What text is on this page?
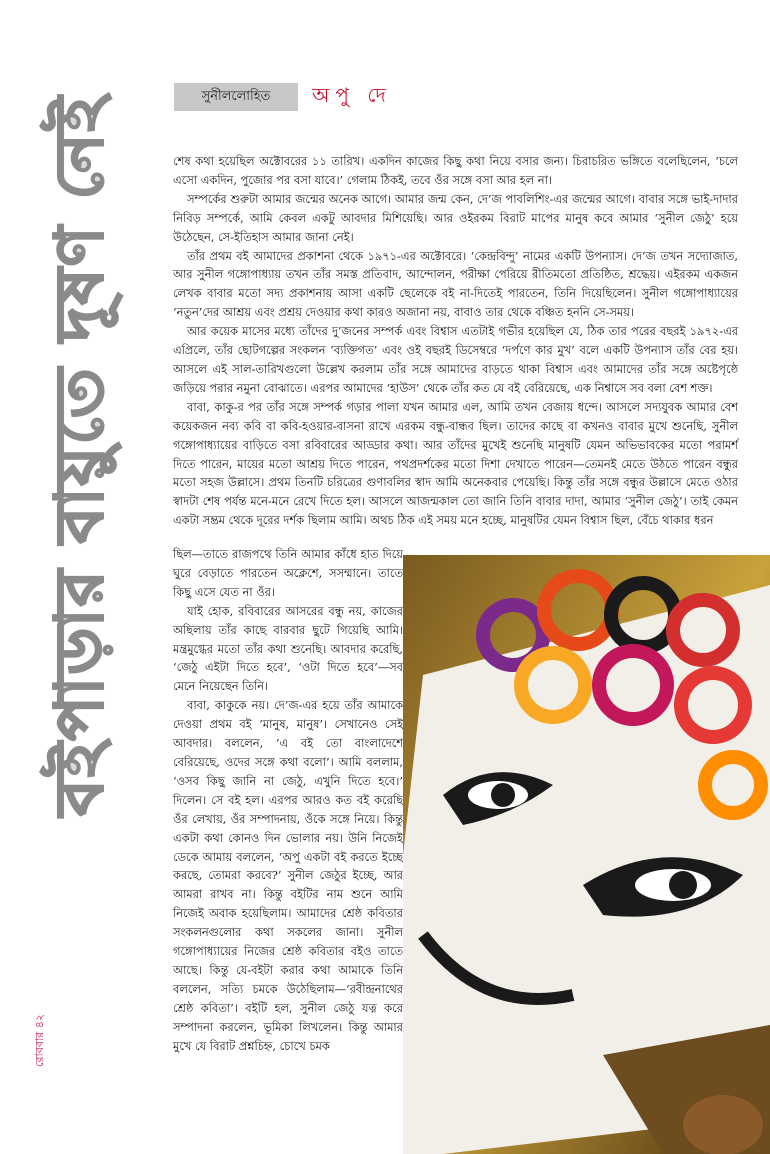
বইপাড়ার বায়ুতে দূষণ নেই	সুনীললোহিত	অপু দে

শেষ কথা হয়েছিল অক্টোবরের ১১ তারিখ। একদিন কাজের কিছু কথা নিয়ে বসার জন্য। চিরাচরিত ভঙ্গিতে বলেছিলেন, ‘চলে এসো একদিন, পুজোর পর বসা যাবে।’ গেলাম ঠিকই, তবে ওঁর সঙ্গে বসা আর হল না।

সম্পর্কের শুরুটা আমার জন্মের অনেক আগে। আমার জন্ম কেন, দে’জ পাবলিশিং-এর জন্মের আগে। বাবার সঙ্গে ভাই-দাদার নিবিড় সম্পর্কে, আমি কেবল একটু আবদার মিশিয়েছি। আর ওইরকম বিরাট মাপের মানুষ কবে আমার ‘সুনীল জেঠু’ হয়ে উঠেছেন, সে-ইতিহাস আমার জানা নেই।

তাঁর প্রথম বই আমাদের প্রকাশনা থেকে ১৯৭১-এর অক্টোবরে। ‘কেন্দ্রবিন্দু’ নামের একটি উপন্যাস। দে’জ তখন সদ্যোজাত, আর সুনীল গঙ্গোপাধ্যায় তখন তাঁর সমস্ত প্রতিবাদ, আন্দোলন, পরীক্ষা পেরিয়ে রীতিমতো প্রতিষ্ঠিত, শ্রদ্ধেয়। এইরকম একজন লেখক বাবার মতো সদ্য প্রকাশনায় আসা একটি ছেলেকে বই না-দিতেই পারতেন, তিনি দিয়েছিলেন। সুনীল গঙ্গোপাধ্যায়ের ‘নতুন’দের আশ্রয় এবং প্রশ্রয় দেওয়ার কথা কারও অজানা নয়, বাবাও তার থেকে বঞ্চিত হননি সে-সময়।

আর কয়েক মাসের মধ্যে তাঁদের দু’জনের সম্পর্ক এবং বিশ্বাস এতটাই গভীর হয়েছিল যে, ঠিক তার পরের বছরই ১৯৭২-এর এপ্রিলে, তাঁর ছোটগল্পের সংকলন ‘ব্যক্তিগত’ এবং ওই বছরই ডিসেম্বরে ‘দর্পণে কার মুখ’ বলে একটি উপন্যাস তাঁর বের হয়। আসলে এই সাল-তারিখগুলো উল্লেখ করলাম তাঁর সঙ্গে আমাদের বাড়তে থাকা বিশ্বাস এবং আমাদের তাঁর সঙ্গে অষ্টেপৃষ্ঠে জড়িয়ে পরার নমুনা বোঝাতে। এরপর আমাদের ‘হাউস’ থেকে তাঁর কত যে বই বেরিয়েছে, এক নিশ্বাসে সব বলা বেশ শক্ত।

বাবা, কাকু-র পর তাঁর সঙ্গে সম্পর্ক গড়ার পালা যখন আমার এল, আমি তখন বেজায় ধন্দে। আসলে সদ্যযুবক আমার বেশ কয়েকজন নব্য কবি বা কবি-হওয়ার-বাসনা রাখে এরকম বন্ধু-বান্ধব ছিল। তাদের কাছে বা কখনও বাবার মুখে শুনেছি, সুনীল গঙ্গোপাধ্যায়ের বাড়িতে বসা রবিবারের আড্ডার কথা। আর তাঁদের মুখেই শুনেছি মানুষটি যেমন অভিভাবকের মতো পরামর্শ দিতে পারেন, মায়ের মতো আশ্রয় দিতে পারেন, পথপ্রদর্শকের মতো দিশা দেখাতে পারেন—তেমনই মেতে উঠতে পারেন বন্ধুর মতো সহজ উল্লাসে। প্রথম তিনটি চরিত্রের গুণাবলির স্বাদ আমি অনেকবার পেয়েছি। কিন্তু তাঁর সঙ্গে বন্ধুর উল্লাসে মেতে ওঠার স্বাদটা শেষ পর্যন্ত মনে-মনে রেখে দিতে হল। আসলে আজন্মকাল তো জানি তিনি বাবার দাদা, আমার ‘সুনীল জেঠু’। তাই কেমন একটা সম্ভ্রম থেকে দূরের দর্শক ছিলাম আমি। অথচ ঠিক এই সময় মনে হচ্ছে, মানুষটির যেমন বিশ্বাস ছিল, বেঁচে থাকার ধরন

ছিল—তাতে রাজপথে তিনি আমার কাঁধে হাত দিয়ে ঘুরে বেড়াতে পারতেন অক্লেশে, সসম্মানে। তাতে কিছু এসে যেত না ওঁর।

যাই হোক, রবিবারের আসরের বন্ধু নয়, কাজের অছিলায় তাঁর কাছে বারবার ছুটে গিয়েছি আমি। মন্ত্রমুগ্ধের মতো তাঁর কথা শুনেছি। আবদার করেছি, ‘জেঠু এইটা দিতে হবে’, ‘ওটা দিতে হবে’—সব মেনে নিয়েছেন তিনি।

বাবা, কাকুকে নয়। দে’জ-এর হয়ে তাঁর আমাকে দেওয়া প্রথম বই ‘মানুষ, মানুষ’। সেখানেও সেই আবদার। বললেন, ‘এ বই তো বাংলাদেশে বেরিয়েছে, ওদের সঙ্গে কথা বলো’। আমি বললাম, ‘ওসব কিছু জানি না জেঠু, এখুনি দিতে হবে।’ দিলেন। সে বই হল। এরপর আরও কত বই করেছি ওঁর লেখায়, ওঁর সম্পাদনায়, ওঁকে সঙ্গে নিয়ে। কিন্তু একটা কথা কোনও দিন ভোলার নয়। উনি নিজেই ডেকে আমায় বললেন, ‘অপু একটা বই করতে ইচ্ছে করছে, তোমরা করবে?’ সুনীল জেঠুর ইচ্ছে, আর আমরা রাখব না। কিন্তু বইটির নাম শুনে আমি নিজেই অবাক হয়েছিলাম। আমাদের শ্রেষ্ঠ কবিতার সংকলনগুলোর কথা সকলের জানা। সুনীল গঙ্গোপাধ্যায়ের নিজের শ্রেষ্ঠ কবিতার বইও তাতে আছে। কিন্তু যে-বইটা করার কথা আমাকে তিনি বললেন, সত্যি চমকে উঠেছিলাম—‘রবীন্দ্রনাথের শ্রেষ্ঠ কবিতা’। বইটি হল, সুনীল জেঠু যত্ন করে সম্পাদনা করলেন, ভূমিকা লিখলেন। কিন্তু আমার মুখে যে বিরাট প্রশ্নচিহ্ন, চোখে চমক

রোববার ৪২
